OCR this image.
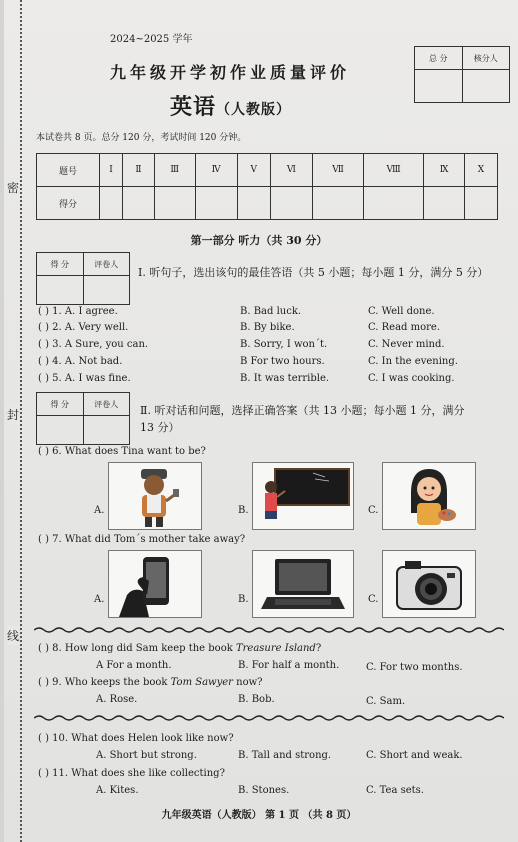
密
封
线
2024~2025 学年
九年级开学初作业质量评价
英语（人教版）
总 分	核分人

本试卷共 8 页。总分 120 分，考试时间 120 分钟。
题号	I	Ⅱ	Ⅲ	Ⅳ	Ⅴ	Ⅵ	Ⅶ	Ⅷ	Ⅸ	Ⅹ
得分										
第一部分 听力（共 30 分）
得 分	评卷人

Ⅰ. 听句子，选出该句的最佳答语（共 5 小题；每小题 1 分，满分 5 分）
( ) 1. A. I agree.	B. Bad luck.	C. Well done.
( ) 2. A. Very well.	B. By bike.	C. Read more.
( ) 3. A Sure, you can.	B. Sorry, I won´t.	C. Never mind.
( ) 4. A. Not bad.	B For two hours.	C. In the evening.
( ) 5. A. I was fine.	B. It was terrible.	C. I was cooking.
得 分	评卷人
	Ⅱ. 听对话和问题，选择正确答案（共 13 小题；每小题 1 分，满分
13 分）
( ) 6. What does Tina want to be?
A.	B.	C.
( ) 7. What did Tom´s mother take away?
A.	B.	C.
( ) 8. How long did Sam keep the book Treasure Island?
A For a month.	B. For half a month.	C. For two months.
( ) 9. Who keeps the book Tom Sawyer now?
A. Rose.	B. Bob.	C. Sam.
( ) 10. What does Helen look like now?
A. Short but strong.	B. Tall and strong.	C. Short and weak.
( ) 11. What does she like collecting?
A. Kites.	B. Stones.	C. Tea sets.
九年级英语（人教版） 第 1 页 （共 8 页）
